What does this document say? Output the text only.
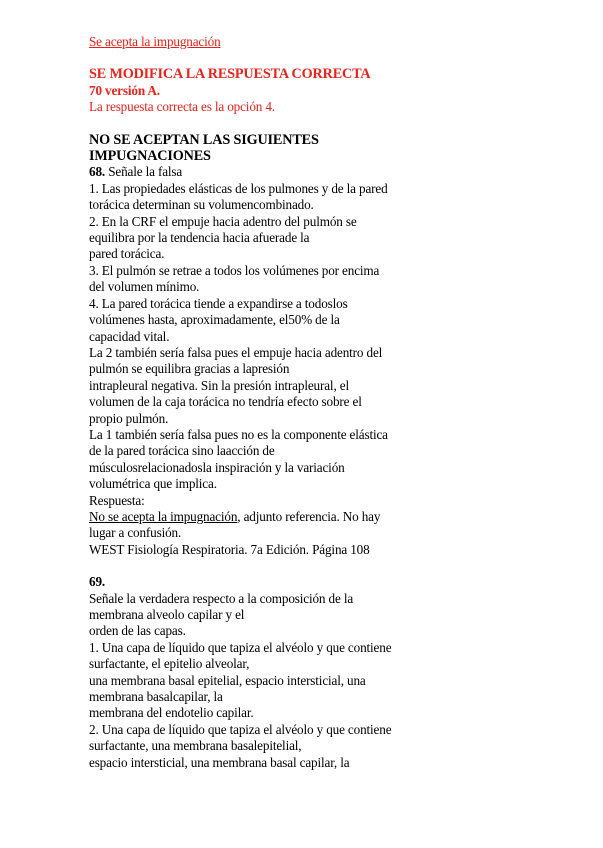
Se acepta la impugnación
SE MODIFICA LA RESPUESTA CORRECTA
70 versión A.
La respuesta correcta es la opción 4.
NO SE ACEPTAN LAS SIGUIENTES
IMPUGNACIONES
68. Señale la falsa
1. Las propiedades elásticas de los pulmones y de la pared
torácica determinan su volumencombinado.
2. En la CRF el empuje hacia adentro del pulmón se
equilibra por la tendencia hacia afuerade la
pared torácica.
3. El pulmón se retrae a todos los volúmenes por encima
del volumen mínimo.
4. La pared torácica tiende a expandirse a todoslos
volúmenes hasta, aproximadamente, el50% de la
capacidad vital.
La 2 también sería falsa pues el empuje hacia adentro del
pulmón se equilibra gracias a lapresión
intrapleural negativa. Sin la presión intrapleural, el
volumen de la caja torácica no tendría efecto sobre el
propio pulmón.
La 1 también sería falsa pues no es la componente elástica
de la pared torácica sino laacción de
músculosrelacionadosla inspiración y la variación
volumétrica que implica.
Respuesta:
No se acepta la impugnación, adjunto referencia. No hay
lugar a confusión.
WEST Fisiología Respiratoria. 7a Edición. Página 108
69.
Señale la verdadera respecto a la composición de la
membrana alveolo capilar y el
orden de las capas.
1. Una capa de líquido que tapiza el alvéolo y que contiene
surfactante, el epitelio alveolar,
una membrana basal epitelial, espacio intersticial, una
membrana basalcapilar, la
membrana del endotelio capilar.
2. Una capa de líquido que tapiza el alvéolo y que contiene
surfactante, una membrana basalepitelial,
espacio intersticial, una membrana basal capilar, la
